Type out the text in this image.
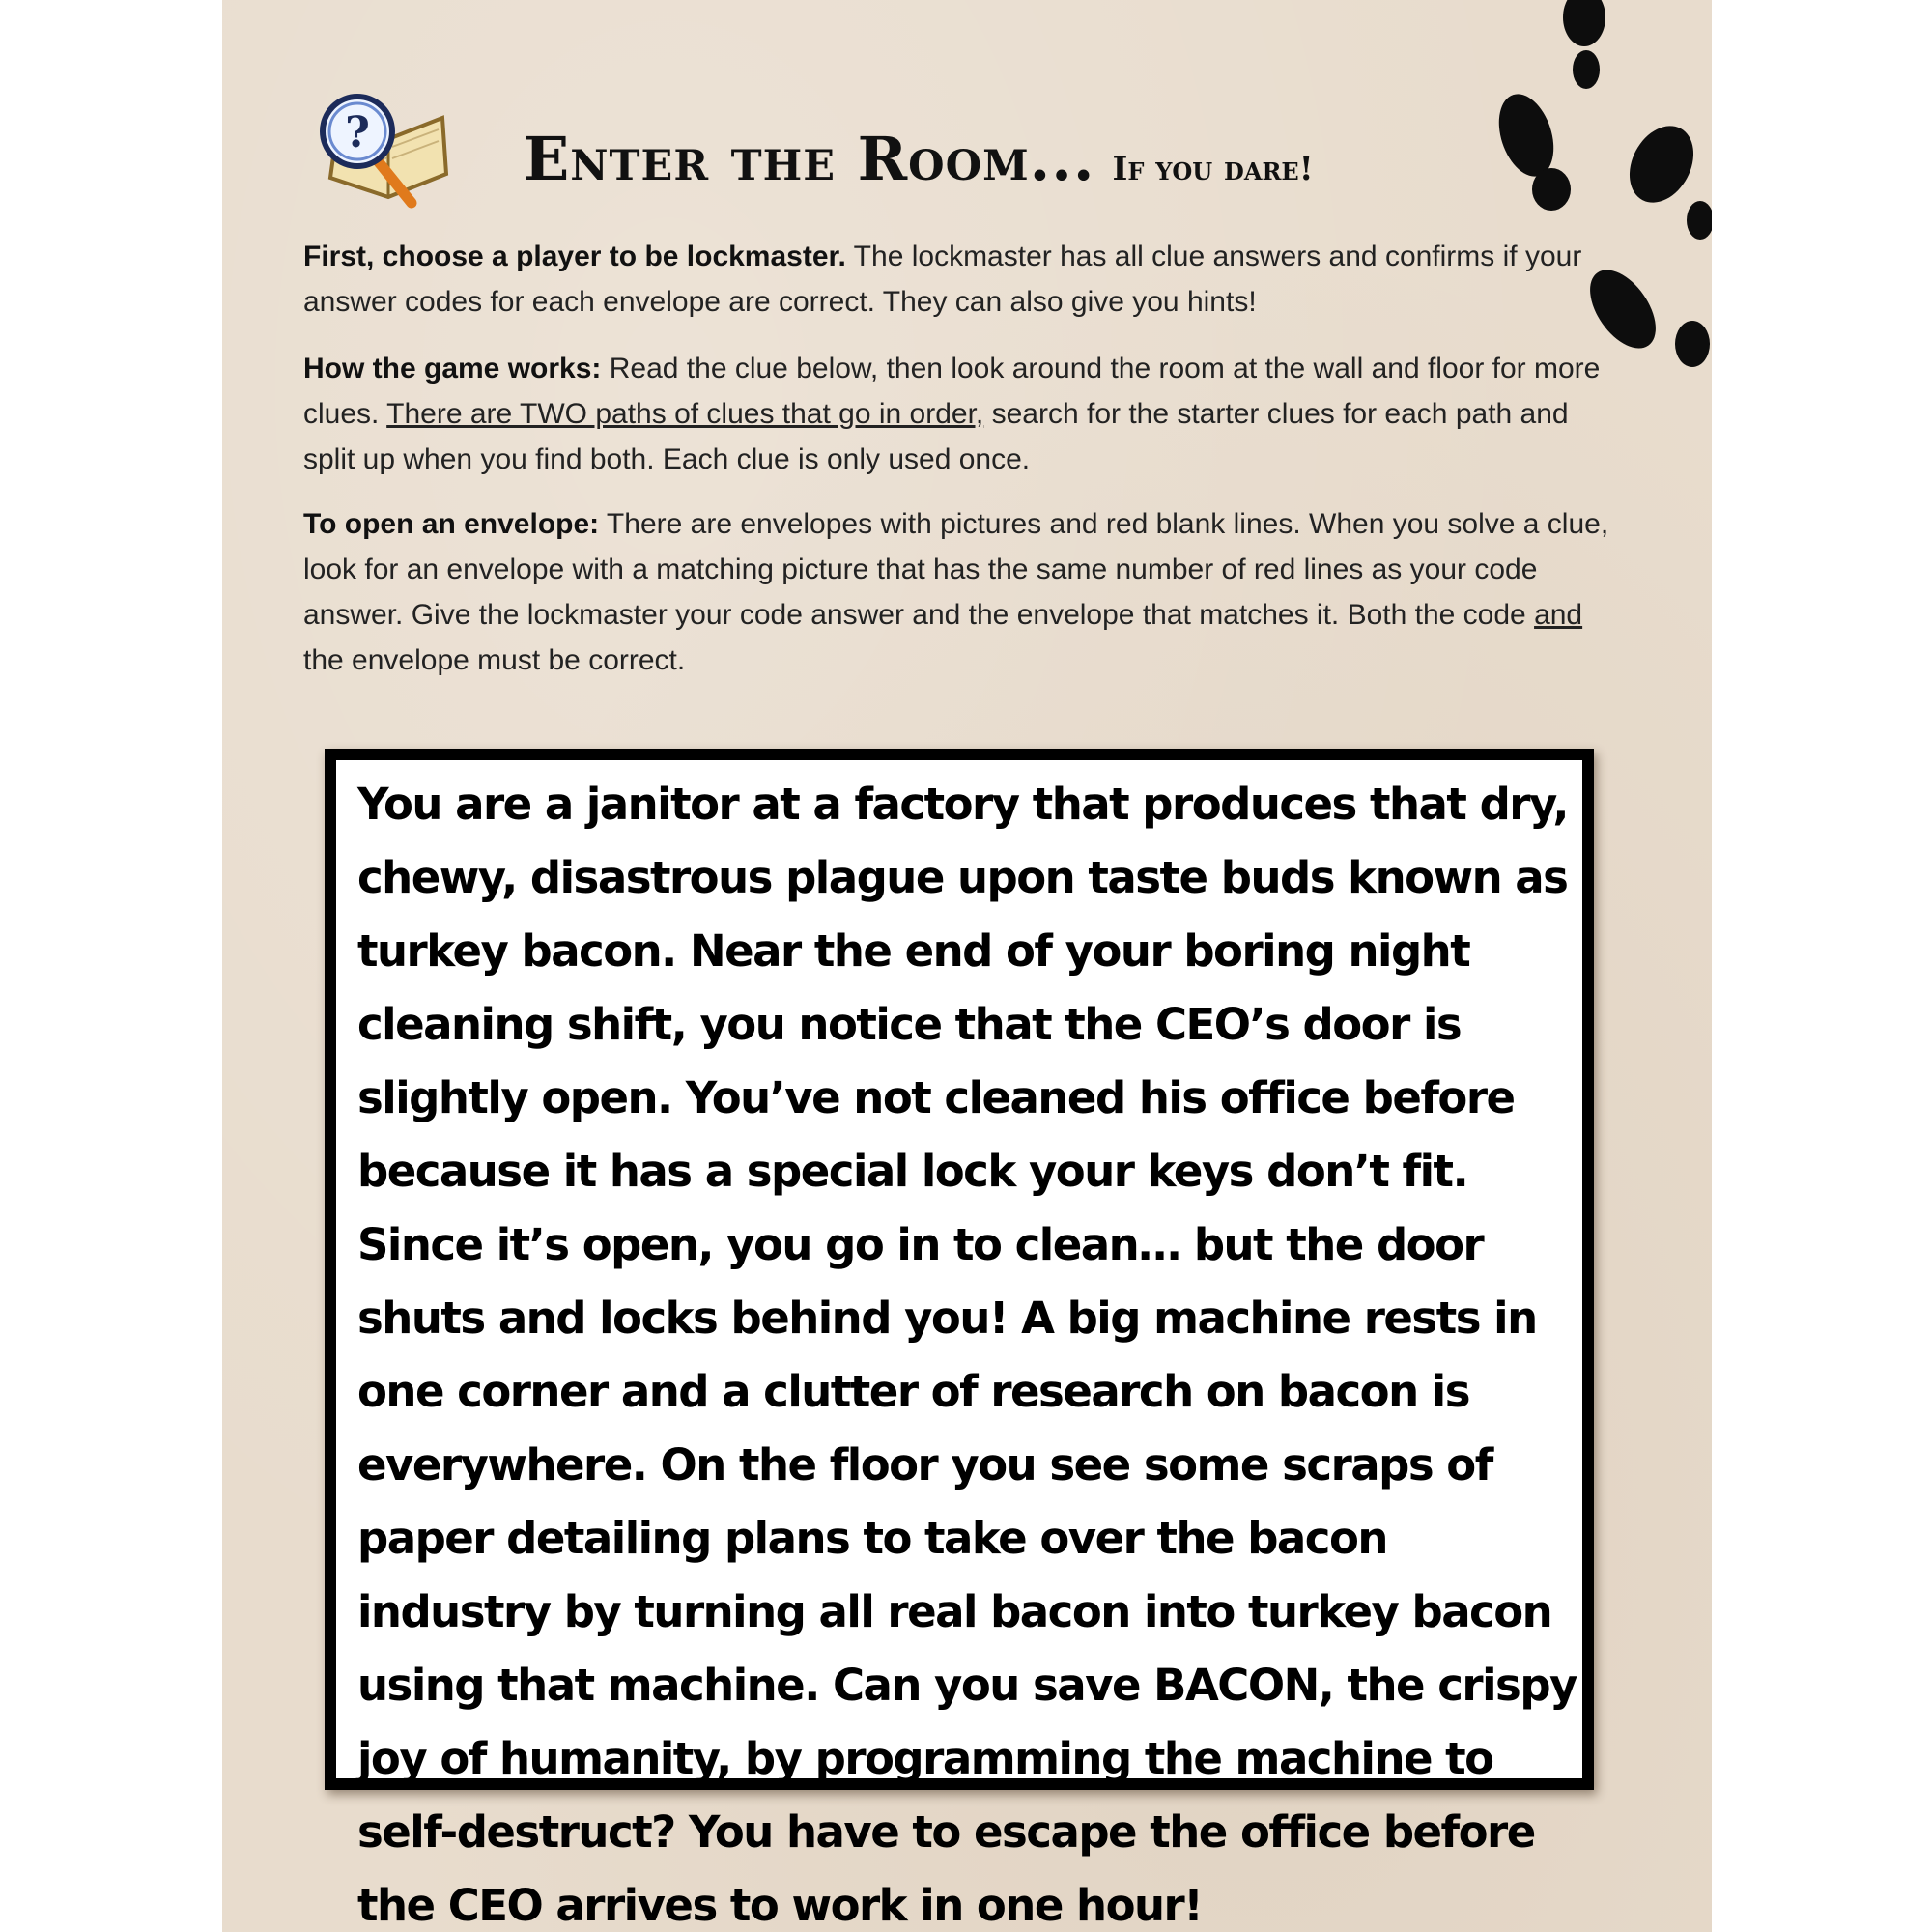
?	Enter the Room... If you dare!

First, choose a player to be lockmaster. The lockmaster has all clue answers and confirms if your answer codes for each envelope are correct. They can also give you hints!

How the game works: Read the clue below, then look around the room at the wall and floor for more clues. There are TWO paths of clues that go in order, search for the starter clues for each path and split up when you find both. Each clue is only used once.

To open an envelope: There are envelopes with pictures and red blank lines. When you solve a clue, look for an envelope with a matching picture that has the same number of red lines as your code answer. Give the lockmaster your code answer and the envelope that matches it. Both the code and the envelope must be correct.

You are a janitor at a factory that produces that dry, chewy, disastrous plague upon taste buds known as turkey bacon. Near the end of your boring night cleaning shift, you notice that the CEO’s door is slightly open. You’ve not cleaned his office before because it has a special lock your keys don’t fit. Since it’s open, you go in to clean… but the door shuts and locks behind you! A big machine rests in one corner and a clutter of research on bacon is everywhere. On the floor you see some scraps of paper detailing plans to take over the bacon industry by turning all real bacon into turkey bacon using that machine. Can you save BACON, the crispy joy of humanity, by programming the machine to self-destruct? You have to escape the office before the CEO arrives to work in one hour!
